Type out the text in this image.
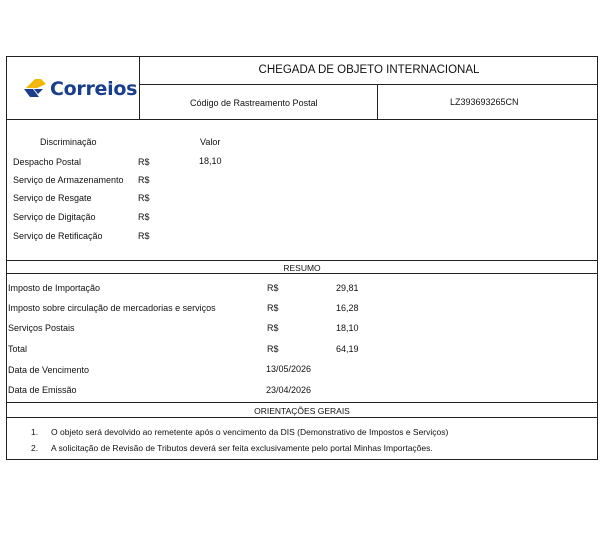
Correios
CHEGADA DE OBJETO INTERNACIONAL
Código de Rastreamento Postal	LZ393693265CN
Discriminação	Valor
Despacho Postal	R$	18,10
Serviço de Armazenamento R$
Serviço de Resgate	R$
Serviço de Digitação	R$
Serviço de Retificação	R$
RESUMO
Imposto de Importação	R$	29,81
Imposto sobre circulação de mercadorias e serviços	R$	16,28
Serviços Postais	R$	18,10
Total	R$	64,19
Data de Vencimento	13/05/2026
Data de Emissão	23/04/2026
ORIENTAÇÕES GERAIS
1. O objeto será devolvido ao remetente após o vencimento da DIS (Demonstrativo de Impostos e Serviços)
2. A solicitação de Revisão de Tributos deverá ser feita exclusivamente pelo portal Minhas Importações.
